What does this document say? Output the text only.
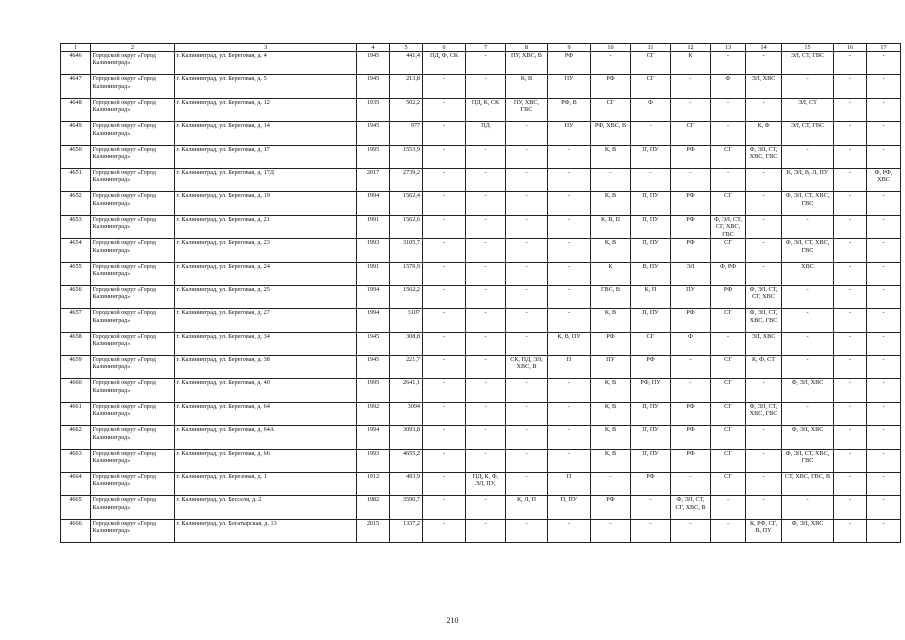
1	2	3	4	5	6	7	8	9	10	11	12	13	14	15	16	17
4646	Городской округ «Город Калининград»	г. Калининград, ул. Береговая, д. 4	1945	441,4	ПД, Ф, СК	-	ПУ, ХВС, В	РФ	-	СГ	К	-	-	ЭЛ, СТ, ГВС	-	-
4647	Городской округ «Город Калининград»	г. Калининград, ул. Береговая, д. 5	1945	213,8	-	-	К, В	ПУ	РФ	СГ	-	Ф	ЭЛ, ХВС	-	-	-
4648	Городской округ «Город Калининград»	г. Калининград, ул. Береговая, д. 12	1935	502,2	-	ПД, К, СК	ПУ, ХВС, ГВС	РФ, В	СГ	Ф	-	-	-	ЭЛ, СТ	-	-
4649	Городской округ «Город Калининград»	г. Калининград, ул. Береговая, д. 14	1945	977	-	ПД	-	ПУ	РФ, ХВС, В	-	СГ	-	К, Ф	ЭЛ, СТ, ГВС	-	-
4650	Городской округ «Город Калининград»	г. Калининград, ул. Береговая, д. 17	1995	1553,9	-	-	-	-	К, В	П, ПУ	РФ	СГ	Ф, ЭЛ, СТ, ХВС, ГВС	-	-	-
4651	Городской округ «Город Калининград»	г. Калининград, ул. Береговая, д. 17Д	2017	2739,2	-	-	-	-	-	-	-	-	-	К, ЭЛ, В, Л, ПУ	-	Ф, РФ, ХВС
4652	Городской округ «Город Калининград»	г. Калининград, ул. Береговая, д. 19	1994	1562,4	-	-	-	-	К, В	П, ПУ	РФ	СГ	-	Ф, ЭЛ, СТ, ХВС, ГВС	-	-
4653	Городской округ «Город Калининград»	г. Калининград, ул. Береговая, д. 21	1991	1562,6	-	-	-	-	К, В, П	П, ПУ	РФ	Ф, ЭЛ, СТ, СГ, ХВС, ГВС	-	-	-	-
4654	Городской округ «Город Калининград»	г. Калининград, ул. Береговая, д. 23	1993	3105,7	-	-	-	-	К, В	П, ПУ	РФ	СГ	-	Ф, ЭЛ, СТ, ХВС, ГВС	-	-
4655	Городской округ «Город Калининград»	г. Калининград, ул. Береговая, д. 24	1991	1579,9	-	-	-	-	К	В, ПУ	ЭЛ	Ф, РФ	-	ХВС	-	-
4656	Городской округ «Город Калининград»	г. Калининград, ул. Береговая, д. 25	1994	1562,2	-	-	-	-	ГВС, В	К, П	ПУ	РФ	Ф, ЭЛ, СТ, СГ, ХВС	-	-	-
4657	Городской округ «Город Калининград»	г. Калининград, ул. Береговая, д. 27	1994	3107	-	-	-	-	К, В	П, ПУ	РФ	СГ	Ф, ЭЛ, СТ, ХВС, ГВС	-	-	-
4658	Городской округ «Город Калининград»	г. Калининград, ул. Береговая, д. 34	1945	308,8	-	-	-	К, В, ПУ	РФ	СГ	Ф	-	ЭЛ, ХВС	-	-	-
4659	Городской округ «Город Калининград»	г. Калининград, ул. Береговая, д. 38	1945	221,7	-	-	СК, ПД, ЭЛ, ХВС, В	П	ПУ	РФ	-	СГ	К, Ф, СТ	-	-	-
4660	Городской округ «Город Калининград»	г. Калининград, ул. Береговая, д. 40	1995	2641,1	-	-	-	-	К, В	РФ, ПУ	-	СГ	-	Ф, ЭЛ, ХВС	-	-
4661	Городской округ «Город Калининград»	г. Калининград, ул. Береговая, д. 64	1992	3094	-	-	-	-	К, В	П, ПУ	РФ	СГ	Ф, ЭЛ, СТ, ХВС, ГВС	-	-	-
4662	Городской округ «Город Калининград»	г. Калининград, ул. Береговая, д. 64А	1994	3093,8	-	-	-	-	К, В	П, ПУ	РФ	СГ	-	Ф, ЭЛ, ХВС	-	-
4663	Городской округ «Город Калининград»	г. Калининград, ул. Береговая, д. 66	1993	4655,2	-	-	-	-	К, В	П, ПУ	РФ	СГ	-	Ф, ЭЛ, СТ, ХВС, ГВС	-	-
4664	Городской округ «Город Калининград»	г. Калининград, ул. Березовая, д. 1	1912	493,9	-	ПД, К, Ф, ЭЛ, ПУ,	-	П	-	РФ	-	СГ	-	СТ, ХВС, ГВС, В	-	-
4665	Городской округ «Город Калининград»	г. Калининград, ул. Бесселя, д. 2	1982	3590,7	-	-	К, Л, П	П, ПУ	РФ	-	Ф, ЭЛ, СТ, СГ, ХВС, В	-	-	-	-	-
4666	Городской округ «Город Калининград»	г. Калининград, ул. Богатырская, д. 13	2015	1337,2	-	-	-	-	-	-	-	-	К, РФ, СГ, В, ПУ	Ф, ЭЛ, ХВС	-	-
210
